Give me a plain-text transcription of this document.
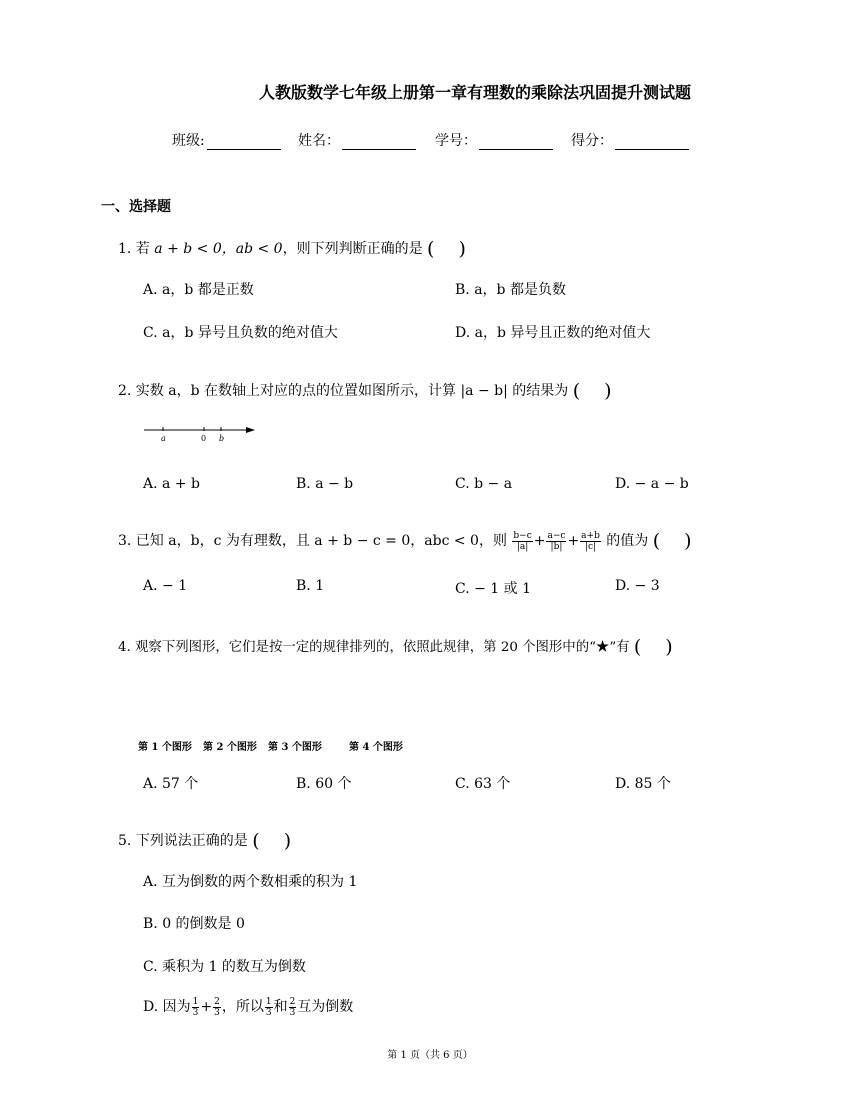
人教版数学七年级上册第一章有理数的乘除法巩固提升测试题
班级:	姓名：	学号：	得分：
一、选择题
1. 若 a + b < 0，ab < 0，则下列判断正确的是 ( )
A. a，b 都是正数	B. a，b 都是负数
C. a，b 异号且负数的绝对值大	D. a，b 异号且正数的绝对值大
2. 实数 a，b 在数轴上对应的点的位置如图所示，计算 |a − b| 的结果为 ( )
a	0 b
A. a + b	B. a − b	C. b − a	D. − a − b
3. 已知 a，b，c 为有理数，且 a + b − c = 0，abc < 0，则 $\frac{b-c}{|a|} + \frac{a-c}{|b|} + \frac{a+b}{|c|}$ 的值为 ( )
A. − 1	B. 1	C. − 1 或 1	D. − 3
4. 观察下列图形，它们是按一定的规律排列的，依照此规律，第 20 个图形中的“★”有 ( )

第 1 个图形 第 2 个图形 第 3 个图形	第 4 个图形
A. 57 个	B. 60 个	C. 63 个	D. 85 个
5. 下列说法正确的是 ( )
A. 互为倒数的两个数相乘的积为 1
B. 0 的倒数是 0
C. 乘积为 1 的数互为倒数
D. 因为 $\frac{1}{3} + \frac{2}{3}$ ，所以 $\frac{1}{3}$ 和 $\frac{2}{3}$ 互为倒数
第 1 页（共 6 页）
